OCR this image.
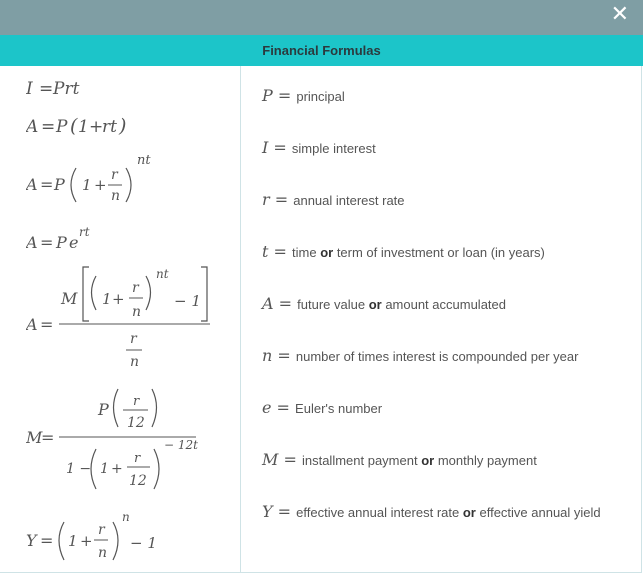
✕
Financial Formulas
I = Prt
A = P ( 1 +
rt )
A = P 1 +
r
n
nt
A = P e
rt
A =
M 1 +
r
n
nt
− 1
r
n
M
=
P r
12
1 − 1 +
r
12
− 12t
Y = 1 +
r
n
n
− 1
P = principal
I = simple interest
r = annual interest rate
t = time or term of investment or loan (in years)
A = future value or amount accumulated
n = number of times interest is compounded per year
e = Euler's number
M = installment payment or monthly payment
Y = effective annual interest rate or effective annual yield
